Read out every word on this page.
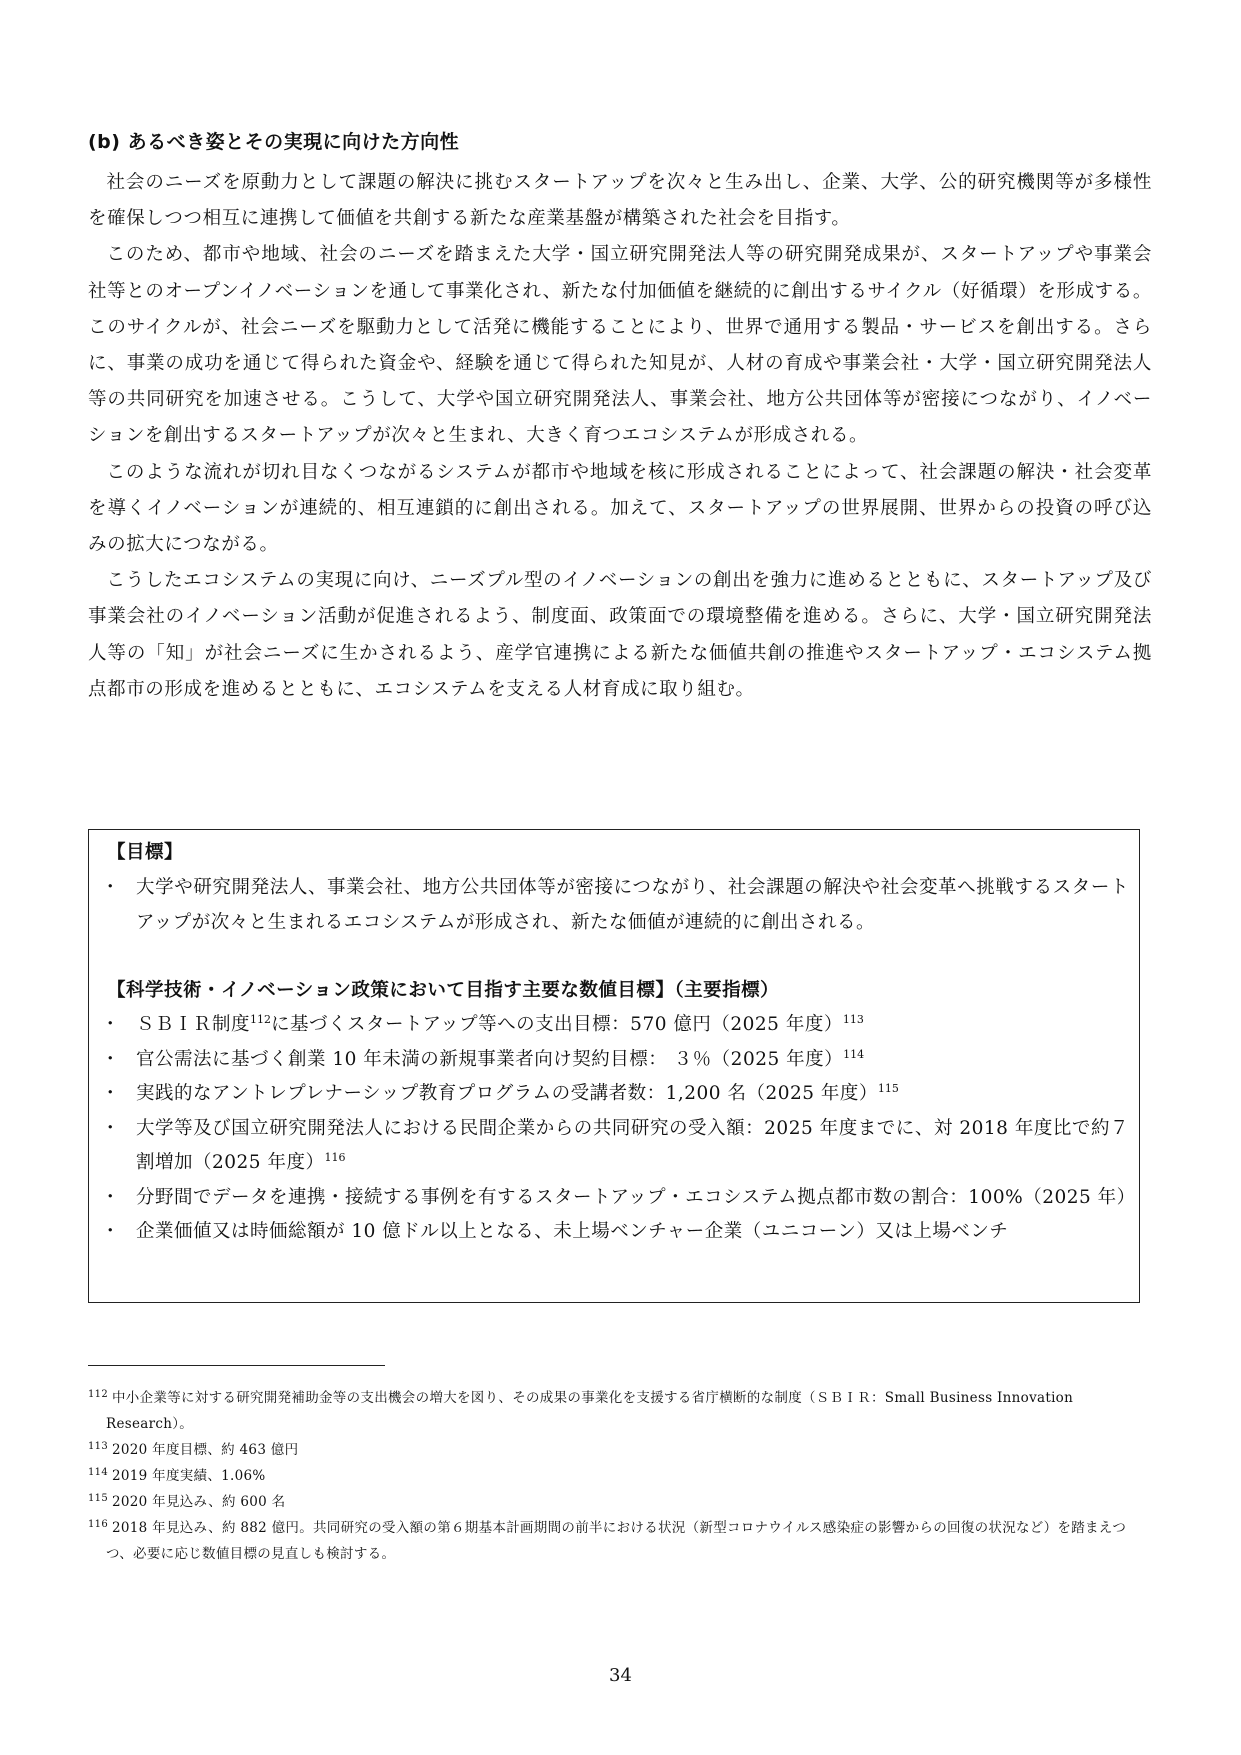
(b) あるべき姿とその実現に向けた方向性

社会のニーズを原動力として課題の解決に挑むスタートアップを次々と生み出し、企業、大学、公的研究機関等が多様性を確保しつつ相互に連携して価値を共創する新たな産業基盤が構築された社会を目指す。

このため、都市や地域、社会のニーズを踏まえた大学・国立研究開発法人等の研究開発成果が、スタートアップや事業会社等とのオープンイノベーションを通して事業化され、新たな付加価値を継続的に創出するサイクル（好循環）を形成する。このサイクルが、社会ニーズを駆動力として活発に機能することにより、世界で通用する製品・サービスを創出する。さらに、事業の成功を通じて得られた資金や、経験を通じて得られた知見が、人材の育成や事業会社・大学・国立研究開発法人等の共同研究を加速させる。こうして、大学や国立研究開発法人、事業会社、地方公共団体等が密接につながり、イノベーションを創出するスタートアップが次々と生まれ、大きく育つエコシステムが形成される。

このような流れが切れ目なくつながるシステムが都市や地域を核に形成されることによって、社会課題の解決・社会変革を導くイノベーションが連続的、相互連鎖的に創出される。加えて、スタートアップの世界展開、世界からの投資の呼び込みの拡大につながる。

こうしたエコシステムの実現に向け、ニーズプル型のイノベーションの創出を強力に進めるとともに、スタートアップ及び事業会社のイノベーション活動が促進されるよう、制度面、政策面での環境整備を進める。さらに、大学・国立研究開発法人等の「知」が社会ニーズに生かされるよう、産学官連携による新たな価値共創の推進やスタートアップ・エコシステム拠点都市の形成を進めるとともに、エコシステムを支える人材育成に取り組む。

【目標】
・ 大学や研究開発法人、事業会社、地方公共団体等が密接につながり、社会課題の解決や社会変革へ挑戦するスタートアップが次々と生まれるエコシステムが形成され、新たな価値が連続的に創出される。
【科学技術・イノベーション政策において目指す主要な数値目標】（主要指標）
・ ＳＢＩＲ制度$^{112}$に基づくスタートアップ等への支出目標：570 億円（2025 年度）$^{113}$
・ 官公需法に基づく創業 10 年未満の新規事業者向け契約目標： ３％（2025 年度）$^{114}$
・ 実践的なアントレプレナーシップ教育プログラムの受講者数：1,200 名（2025 年度）$^{115}$
・ 大学等及び国立研究開発法人における民間企業からの共同研究の受入額：2025 年度までに、対 2018 年度比で約７割増加（2025 年度）$^{116}$
・ 分野間でデータを連携・接続する事例を有するスタートアップ・エコシステム拠点都市数の割合：100%（2025 年）
・ 企業価値又は時価総額が 10 億ドル以上となる、未上場ベンチャー企業（ユニコーン）又は上場ベンチ

112 中小企業等に対する研究開発補助金等の支出機会の増大を図り、その成果の事業化を支援する省庁横断的な制度（ＳＢＩＲ：Small Business Innovation Research）。

113 2020 年度目標、約 463 億円

114 2019 年度実績、1.06%

115 2020 年見込み、約 600 名

116 2018 年見込み、約 882 億円。共同研究の受入額の第６期基本計画期間の前半における状況（新型コロナウイルス感染症の影響からの回復の状況など）を踏まえつつ、必要に応じ数値目標の見直しも検討する。

34
